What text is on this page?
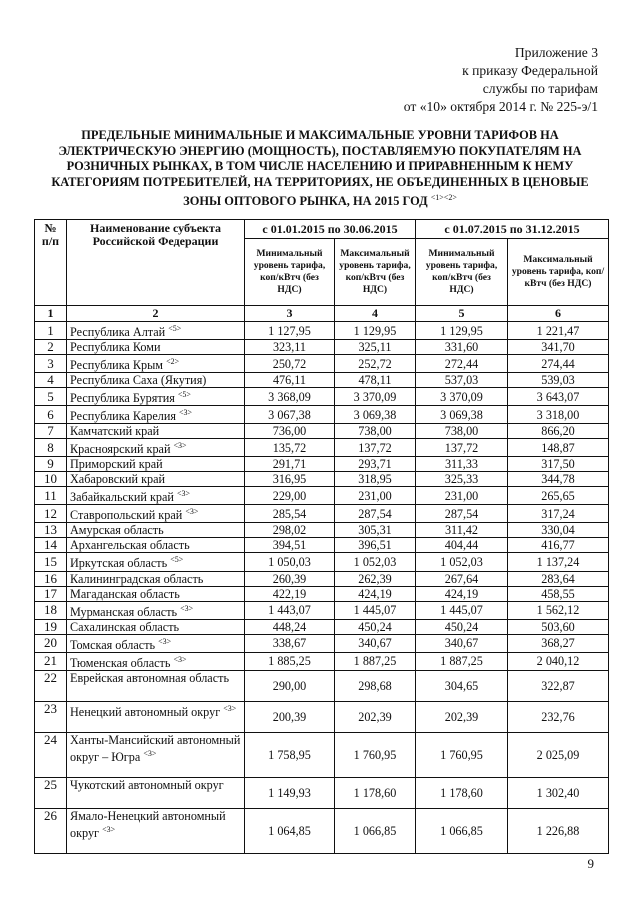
Приложение 3
к приказу Федеральной
службы по тарифам
от «10» октября 2014 г. № 225-э/1
ПРЕДЕЛЬНЫЕ МИНИМАЛЬНЫЕ И МАКСИМАЛЬНЫЕ УРОВНИ ТАРИФОВ НА ЭЛЕКТРИЧЕСКУЮ ЭНЕРГИЮ (МОЩНОСТЬ), ПОСТАВЛЯЕМУЮ ПОКУПАТЕЛЯМ НА РОЗНИЧНЫХ РЫНКАХ, В ТОМ ЧИСЛЕ НАСЕЛЕНИЮ И ПРИРАВНЕННЫМ К НЕМУ КАТЕГОРИЯМ ПОТРЕБИТЕЛЕЙ, НА ТЕРРИТОРИЯХ, НЕ ОБЪЕДИНЕННЫХ В ЦЕНОВЫЕ ЗОНЫ ОПТОВОГО РЫНКА, НА 2015 ГОД $^{<1><2>}$
№ п/п	Наименование субъекта Российской Федерации	с 01.01.2015 по 30.06.2015		с 01.07.2015 по 31.12.2015	
		Минимальный уровень тарифа, коп/кВтч (без НДС)	Максимальный уровень тарифа, коп/кВтч (без НДС)	Минимальный уровень тарифа, коп/кВтч (без НДС)	Максимальный уровень тарифа, коп/кВтч (без НДС)
1	2	3	4	5	6
1	Республика Алтай $^{<5>}$	1 127,95	1 129,95	1 129,95	1 221,47
2	Республика Коми	323,11	325,11	331,60	341,70
3	Республика Крым $^{<2>}$	250,72	252,72	272,44	274,44
4	Республика Саха (Якутия)	476,11	478,11	537,03	539,03
5	Республика Бурятия $^{<5>}$	3 368,09	3 370,09	3 370,09	3 643,07
6	Республика Карелия $^{<3>}$	3 067,38	3 069,38	3 069,38	3 318,00
7	Камчатский край	736,00	738,00	738,00	866,20
8	Красноярский край $^{<3>}$	135,72	137,72	137,72	148,87
9	Приморский край	291,71	293,71	311,33	317,50
10	Хабаровский край	316,95	318,95	325,33	344,78
11	Забайкальский край $^{<3>}$	229,00	231,00	231,00	265,65
12	Ставропольский край $^{<3>}$	285,54	287,54	287,54	317,24
13	Амурская область	298,02	305,31	311,42	330,04
14	Архангельская область	394,51	396,51	404,44	416,77
15	Иркутская область $^{<5>}$	1 050,03	1 052,03	1 052,03	1 137,24
16	Калининградская область	260,39	262,39	267,64	283,64
17	Магаданская область	422,19	424,19	424,19	458,55
18	Мурманская область $^{<3>}$	1 443,07	1 445,07	1 445,07	1 562,12
19	Сахалинская область	448,24	450,24	450,24	503,60
20	Томская область $^{<3>}$	338,67	340,67	340,67	368,27
21	Тюменская область $^{<3>}$	1 885,25	1 887,25	1 887,25	2 040,12
22	Еврейская автономная область	290,00	298,68	304,65	322,87
23	Ненецкий автономный округ $^{<3>}$	200,39	202,39	202,39	232,76
24	Ханты-Мансийский автономный округ – Югра $^{<3>}$	1 758,95	1 760,95	1 760,95	2 025,09
25	Чукотский автономный округ	1 149,93	1 178,60	1 178,60	1 302,40
26	Ямало-Ненецкий автономный округ $^{<3>}$	1 064,85	1 066,85	1 066,85	1 226,88
9
